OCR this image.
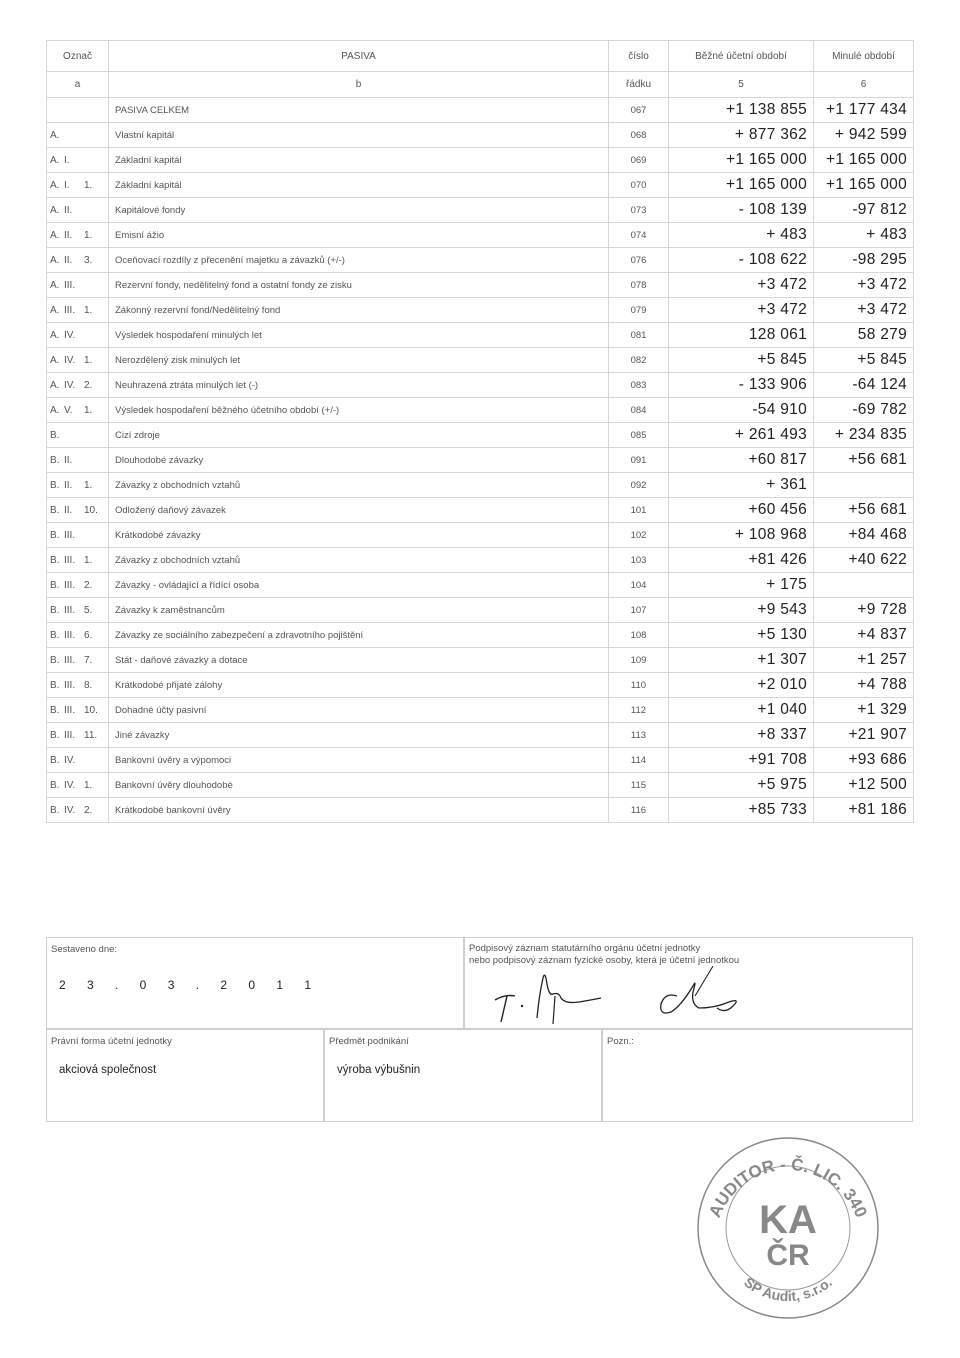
Označ	PASIVA	číslo	Běžné účetní období	Minulé období
a	b	řádku	5	6
	PASIVA CELKEM	067	+1 138 855	+1 177 434
A.	Vlastní kapitál	068	+ 877 362	+ 942 599
A. I.	Základní kapitál	069	+1 165 000	+1 165 000
A. I. 1.	Základní kapitál	070	+1 165 000	+1 165 000
A. II.	Kapitálové fondy	073	- 108 139	-97 812
A. II. 1.	Emisní ážio	074	+ 483	+ 483
A. II. 3.	Oceňovací rozdíly z přecenění majetku a závazků (+/-)	076	- 108 622	-98 295
A. III.	Rezervní fondy, nedělitelný fond a ostatní fondy ze zisku	078	+3 472	+3 472
A. III. 1.	Zákonný rezervní fond/Nedělitelný fond	079	+3 472	+3 472
A. IV.	Výsledek hospodaření minulých let	081	128 061	58 279
A. IV. 1.	Nerozdělený zisk minulých let	082	+5 845	+5 845
A. IV. 2.	Neuhrazená ztráta minulých let (-)	083	- 133 906	-64 124
A. V. 1.	Výsledek hospodaření běžného účetního období (+/-)	084	-54 910	-69 782
B.	Cizí zdroje	085	+ 261 493	+ 234 835
B. II.	Dlouhodobé závazky	091	+60 817	+56 681
B. II. 1.	Závazky z obchodních vztahů	092	+ 361	
B. II. 10.	Odložený daňový závazek	101	+60 456	+56 681
B. III.	Krátkodobé závazky	102	+ 108 968	+84 468
B. III. 1.	Závazky z obchodních vztahů	103	+81 426	+40 622
B. III. 2.	Závazky - ovládající a řídící osoba	104	+ 175	
B. III. 5.	Závazky k zaměstnancům	107	+9 543	+9 728
B. III. 6.	Závazky ze sociálního zabezpečení a zdravotního pojištění	108	+5 130	+4 837
B. III. 7.	Stát - daňové závazky a dotace	109	+1 307	+1 257
B. III. 8.	Krátkodobé přijaté zálohy	110	+2 010	+4 788
B. III. 10.	Dohadné účty pasivní	112	+1 040	+1 329
B. III. 11.	Jiné závazky	113	+8 337	+21 907
B. IV.	Bankovní úvěry a výpomoci	114	+91 708	+93 686
B. IV. 1.	Bankovní úvěry dlouhodobé	115	+5 975	+12 500
B. IV. 2.	Krátkodobé bankovní úvěry	116	+85 733	+81 186
Sestaveno dne:
2 3 . 0 3 . 2 0 1 1
Podpisový záznam statutárního orgánu účetní jednotky
nebo podpisový záznam fyzické osoby, která je účetní jednotkou
Právní forma účetní jednotky
akciová společnost
Předmět podnikání
výroba výbušnin
Pozn.:
AUDITOR - Č. LIC. 340
KA
ČR
SP Audit, s.r.o.
